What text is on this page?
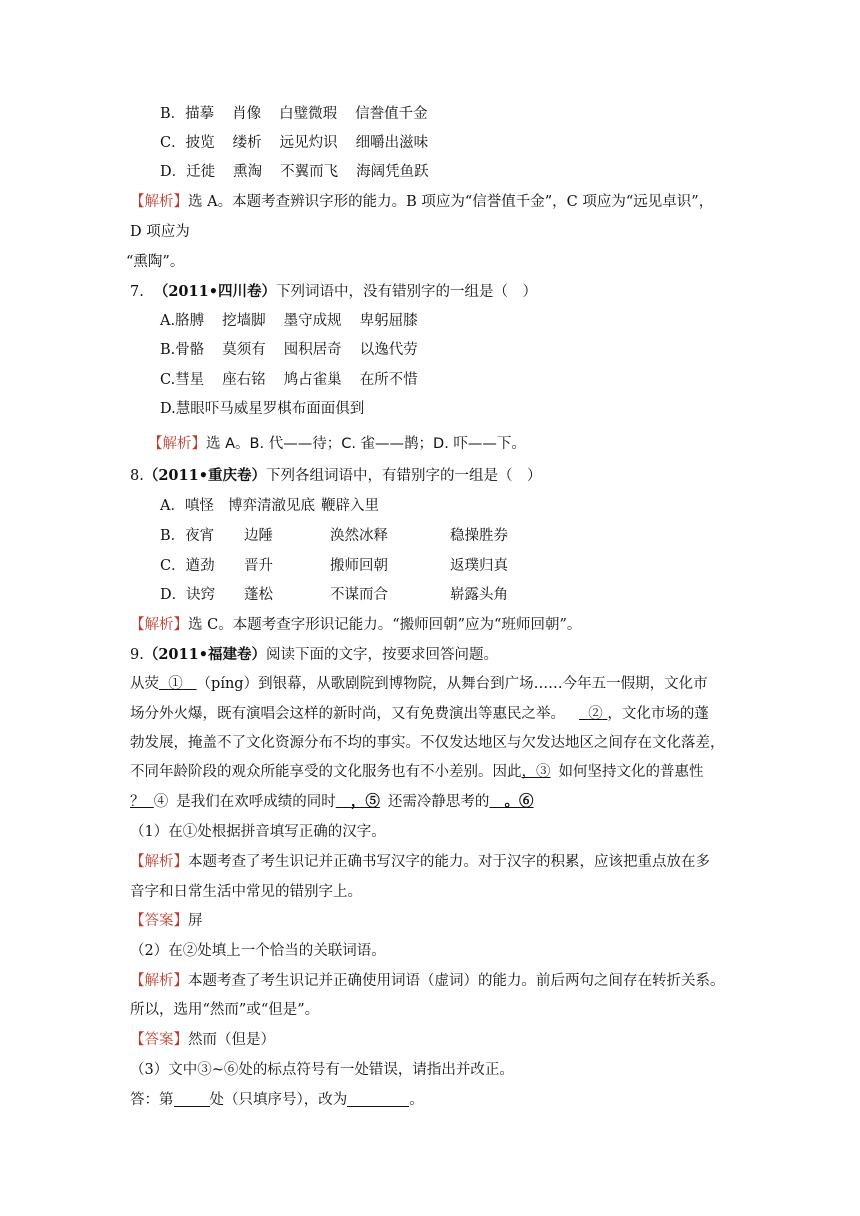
B．描摹 肖像 白璧微瑕 信誊值千金
C．披览 缕析 远见灼识 细嚼出滋味
D．迁徙 熏淘 不翼而飞 海阔凭鱼跃
【解析】选 A。本题考查辨识字形的能力。B 项应为“信誉值千金”，C 项应为“远见卓识”，
D 项应为
“熏陶”。
7. （2011•四川卷）下列词语中，没有错别字的一组是（　）
A.胳膊 挖墙脚 墨守成规 卑躬屈膝
B.骨骼 莫须有 囤积居奇 以逸代劳
C.彗星 座右铭 鸠占雀巢 在所不惜
D.慧眼吓马威星罗棋布面面俱到
【解析】选 A。B. 代——待；C. 雀——鹊；D. 吓——下。
8.（2011•重庆卷）下列各组词语中，有错别字的一组是（　）
A．嗔怪 博弈清澈见底 鞭辟入里
B．夜宵 边陲	涣然冰释	稳操胜券
C．遒劲 晋升	搬师回朝	返璞归真
D．诀窍 蓬松	不谋而合	崭露头角
【解析】选 C。本题考查字形识记能力。“搬师回朝”应为“班师回朝”。
9.（2011•福建卷）阅读下面的文字，按要求回答问题。
从荧 ① （píng）到银幕，从歌剧院到博物院，从舞台到广场……今年五一假期，文化市
场分外火爆，既有演唱会这样的新时尚，又有免费演出等惠民之举。 ② ，文化市场的蓬
勃发展，掩盖不了文化资源分布不均的事实。不仅发达地区与欠发达地区之间存在文化落差，
不同年龄阶段的观众所能享受的文化服务也有不小差别。因此，③ 如何坚持文化的普惠性
？ ④ 是我们在欢呼成绩的同时 ，⑤ 还需冷静思考的 。⑥
（1）在①处根据拼音填写正确的汉字。
【解析】本题考查了考生识记并正确书写汉字的能力。对于汉字的积累，应该把重点放在多
音字和日常生活中常见的错别字上。
【答案】屏
（2）在②处填上一个恰当的关联词语。
【解析】本题考查了考生识记并正确使用词语（虚词）的能力。前后两句之间存在转折关系。
所以，选用“然而”或“但是”。
【答案】然而（但是）
（3）文中③~⑥处的标点符号有一处错误，请指出并改正。
答：第 处（只填序号），改为	。
